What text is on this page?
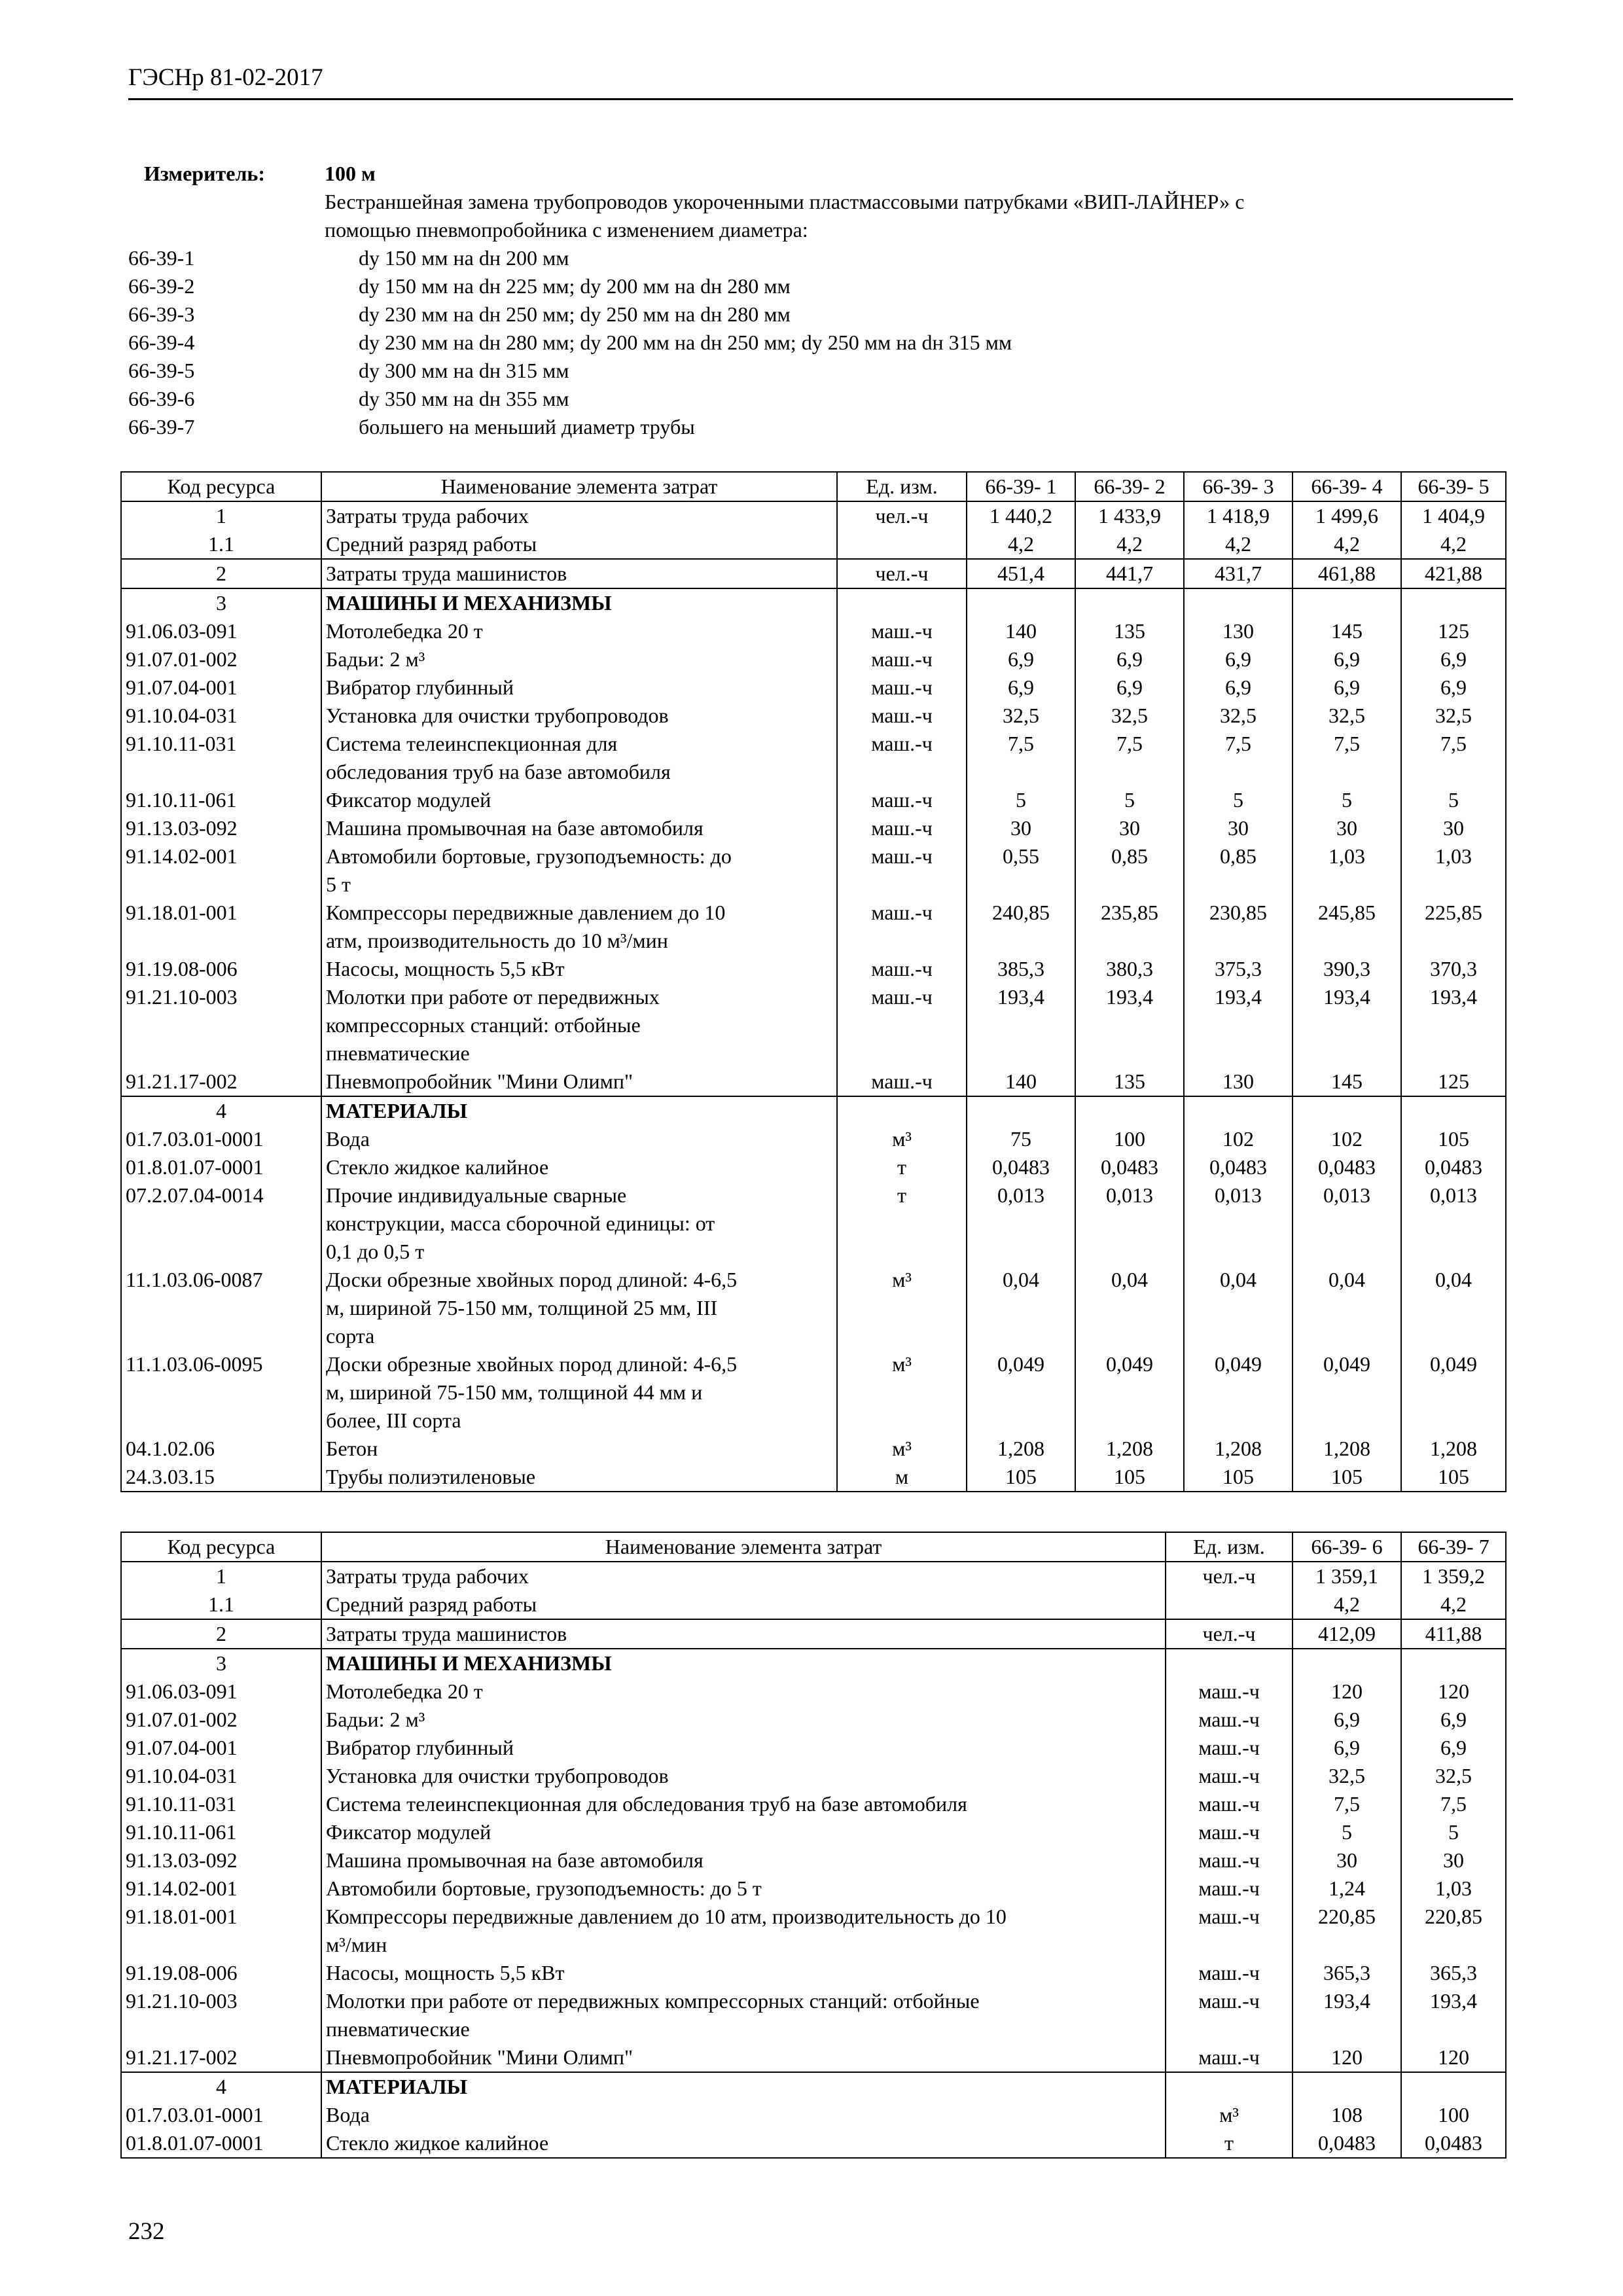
ГЭСНр 81-02-2017
Измеритель:	100 м
Бестраншейная замена трубопроводов укороченными пластмассовыми патрубками «ВИП-ЛАЙНЕР» с
помощью пневмопробойника с изменением диаметра:
66-39-1	dy 150 мм на dн 200 мм
66-39-2	dy 150 мм на dн 225 мм; dy 200 мм на dн 280 мм
66-39-3	dy 230 мм на dн 250 мм; dy 250 мм на dн 280 мм
66-39-4	dy 230 мм на dн 280 мм; dy 200 мм на dн 250 мм; dy 250 мм на dн 315 мм
66-39-5	dy 300 мм на dн 315 мм
66-39-6	dy 350 мм на dн 355 мм
66-39-7	большего на меньший диаметр трубы
Код ресурса	Наименование элемента затрат	Ед. изм.	66-39- 1	66-39- 2	66-39- 3	66-39- 4	66-39- 5
1	Затраты труда рабочих	чел.-ч	1 440,2	1 433,9	1 418,9	1 499,6	1 404,9
1.1	Средний разряд работы		4,2	4,2	4,2	4,2	4,2
2	Затраты труда машинистов	чел.-ч	451,4	441,7	431,7	461,88	421,88
3	МАШИНЫ И МЕХАНИЗМЫ						

91.06.03-091	Мотолебедка 20 т	маш.-ч	140	135	130	145	125
91.07.01-002	Бадьи: 2 м³	маш.-ч	6,9	6,9	6,9	6,9	6,9
91.07.04-001	Вибратор глубинный	маш.-ч	6,9	6,9	6,9	6,9	6,9
91.10.04-031	Установка для очистки трубопроводов	маш.-ч	32,5	32,5	32,5	32,5	32,5
91.10.11-031	Система телеинспекционная для
обследования труб на базе автомобиля	маш.-ч	7,5	7,5	7,5	7,5	7,5
91.10.11-061	Фиксатор модулей	маш.-ч	5	5	5	5	5
91.13.03-092	Машина промывочная на базе автомобиля	маш.-ч	30	30	30	30	30
91.14.02-001	Автомобили бортовые, грузоподъемность: до
5 т	маш.-ч	0,55	0,85	0,85	1,03	1,03
91.18.01-001	Компрессоры передвижные давлением до 10
атм, производительность до 10 м³/мин	маш.-ч	240,85	235,85	230,85	245,85	225,85
91.19.08-006	Насосы, мощность 5,5 кВт	маш.-ч	385,3	380,3	375,3	390,3	370,3
91.21.10-003	Молотки при работе от передвижных
компрессорных станций: отбойные
пневматические	маш.-ч	193,4	193,4	193,4	193,4	193,4
91.21.17-002	Пневмопробойник "Мини Олимп"	маш.-ч	140	135	130	145	125
4	МАТЕРИАЛЫ						

01.7.03.01-0001	Вода	м³	75	100	102	102	105
01.8.01.07-0001	Стекло жидкое калийное	т	0,0483	0,0483	0,0483	0,0483	0,0483
07.2.07.04-0014	Прочие индивидуальные сварные
конструкции, масса сборочной единицы: от
0,1 до 0,5 т	т	0,013	0,013	0,013	0,013	0,013
11.1.03.06-0087	Доски обрезные хвойных пород длиной: 4-6,5
м, шириной 75-150 мм, толщиной 25 мм, III
сорта	м³	0,04	0,04	0,04	0,04	0,04
11.1.03.06-0095	Доски обрезные хвойных пород длиной: 4-6,5
м, шириной 75-150 мм, толщиной 44 мм и
более, III сорта	м³	0,049	0,049	0,049	0,049	0,049
04.1.02.06	Бетон	м³	1,208	1,208	1,208	1,208	1,208
24.3.03.15	Трубы полиэтиленовые	м	105	105	105	105	105
Код ресурса	Наименование элемента затрат	Ед. изм.	66-39- 6	66-39- 7
1	Затраты труда рабочих	чел.-ч	1 359,1	1 359,2
1.1	Средний разряд работы		4,2	4,2
2	Затраты труда машинистов	чел.-ч	412,09	411,88
3	МАШИНЫ И МЕХАНИЗМЫ			

91.06.03-091	Мотолебедка 20 т	маш.-ч	120	120
91.07.01-002	Бадьи: 2 м³	маш.-ч	6,9	6,9
91.07.04-001	Вибратор глубинный	маш.-ч	6,9	6,9
91.10.04-031	Установка для очистки трубопроводов	маш.-ч	32,5	32,5
91.10.11-031	Система телеинспекционная для обследования труб на базе автомобиля	маш.-ч	7,5	7,5
91.10.11-061	Фиксатор модулей	маш.-ч	5	5
91.13.03-092	Машина промывочная на базе автомобиля	маш.-ч	30	30
91.14.02-001	Автомобили бортовые, грузоподъемность: до 5 т	маш.-ч	1,24	1,03
91.18.01-001	Компрессоры передвижные давлением до 10 атм, производительность до 10
м³/мин	маш.-ч	220,85	220,85
91.19.08-006	Насосы, мощность 5,5 кВт	маш.-ч	365,3	365,3
91.21.10-003	Молотки при работе от передвижных компрессорных станций: отбойные
пневматические	маш.-ч	193,4	193,4
91.21.17-002	Пневмопробойник "Мини Олимп"	маш.-ч	120	120
4	МАТЕРИАЛЫ			

01.7.03.01-0001	Вода	м³	108	100
01.8.01.07-0001	Стекло жидкое калийное	т	0,0483	0,0483
232
